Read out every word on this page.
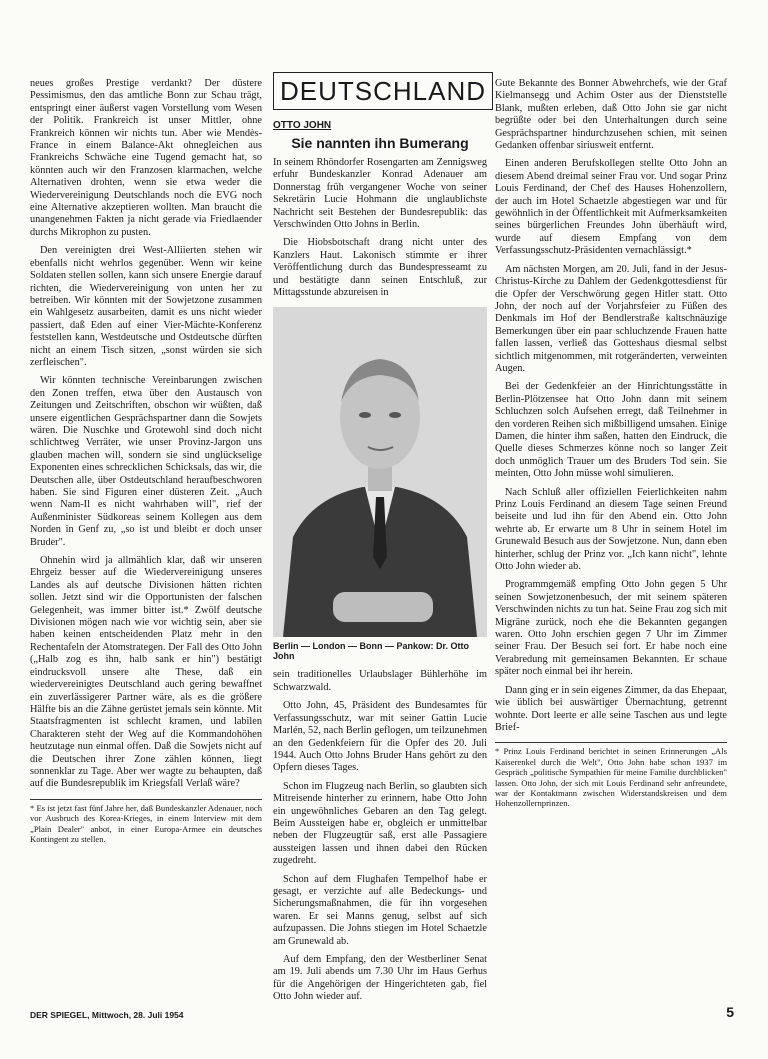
neues großes Prestige verdankt? Der düstere Pessimismus, den das amtliche Bonn zur Schau trägt, entspringt einer äußerst vagen Vorstellung vom Wesen der Politik. Frankreich ist unser Mittler, ohne Frankreich können wir nichts tun. Aber wie Mendès-France in einem Balance-Akt ohnegleichen aus Frankreichs Schwäche eine Tugend gemacht hat, so könnten auch wir den Franzosen klarmachen, welche Alternativen drohten, wenn sie etwa weder die Wiedervereinigung Deutschlands noch die EVG noch eine Alternative akzeptieren wollten. Man braucht die unangenehmen Fakten ja nicht gerade via Friedlaender durchs Mikrophon zu pusten.

Den vereinigten drei West-Alliierten stehen wir ebenfalls nicht wehrlos gegenüber. Wenn wir keine Soldaten stellen sollen, kann sich unsere Energie darauf richten, die Wiedervereinigung von unten her zu betreiben. Wir könnten mit der Sowjetzone zusammen ein Wahlgesetz ausarbeiten, damit es uns nicht wieder passiert, daß Eden auf einer Vier-Mächte-Konferenz feststellen kann, Westdeutsche und Ostdeutsche dürften nicht an einem Tisch sitzen, „sonst würden sie sich zerfleischen".

Wir könnten technische Vereinbarungen zwischen den Zonen treffen, etwa über den Austausch von Zeitungen und Zeitschriften, obschon wir wüßten, daß unsere eigentlichen Gesprächspartner dann die Sowjets wären. Die Nuschke und Grotewohl sind doch nicht schlichtweg Verräter, wie unser Provinz-Jargon uns glauben machen will, sondern sie sind unglückselige Exponenten eines schrecklichen Schicksals, das wir, die Deutschen alle, über Ostdeutschland heraufbeschworen haben. Sie sind Figuren einer düsteren Zeit. „Auch wenn Nam-Il es nicht wahrhaben will", rief der Außenminister Südkoreas seinem Kollegen aus dem Norden in Genf zu, „so ist und bleibt er doch unser Bruder".

Ohnehin wird ja allmählich klar, daß wir unseren Ehrgeiz besser auf die Wiedervereinigung unseres Landes als auf deutsche Divisionen hätten richten sollen. Jetzt sind wir die Opportunisten der falschen Gelegenheit, was immer bitter ist.* Zwölf deutsche Divisionen mögen nach wie vor wichtig sein, aber sie haben keinen entscheidenden Platz mehr in den Rechentafeln der Atomstrategen. Der Fall des Otto John („Halb zog es ihn, halb sank er hin") bestätigt eindrucksvoll unsere alte These, daß ein wiedervereinigtes Deutschland auch gering bewaffnet ein zuverlässigerer Partner wäre, als es die größere Hälfte bis an die Zähne gerüstet jemals sein könnte. Mit Staatsfragmenten ist schlecht kramen, und labilen Charakteren steht der Weg auf die Kommandohöhen heutzutage nun einmal offen. Daß die Sowjets nicht auf die Deutschen ihrer Zone zählen können, liegt sonnenklar zu Tage. Aber wer wagte zu behaupten, daß auf die Bundesrepublik im Kriegsfall Verlaß wäre?

* Es ist jetzt fast fünf Jahre her, daß Bundeskanzler Adenauer, noch vor Ausbruch des Korea-Krieges, in einem Interview mit dem „Plain Dealer" anbot, in einer Europa-Armee ein deutsches Kontingent zu stellen.

DEUTSCHLAND
OTTO JOHN
Sie nannten ihn Bumerang

In seinem Rhöndorfer Rosengarten am Zennigsweg erfuhr Bundeskanzler Konrad Adenauer am Donnerstag früh vergangener Woche von seiner Sekretärin Lucie Hohmann die unglaublichste Nachricht seit Bestehen der Bundesrepublik: das Verschwinden Otto Johns in Berlin.

Die Hiobsbotschaft drang nicht unter des Kanzlers Haut. Lakonisch stimmte er ihrer Veröffentlichung durch das Bundespresseamt zu und bestätigte dann seinen Entschluß, zur Mittagsstunde abzureisen in

Berlin — London — Bonn — Pankow: Dr. Otto John

sein traditionelles Urlaubslager Bühlerhöhe im Schwarzwald.

Otto John, 45, Präsident des Bundesamtes für Verfassungsschutz, war mit seiner Gattin Lucie Marlén, 52, nach Berlin geflogen, um teilzunehmen an den Gedenkfeiern für die Opfer des 20. Juli 1944. Auch Otto Johns Bruder Hans gehört zu den Opfern dieses Tages.

Schon im Flugzeug nach Berlin, so glaubten sich Mitreisende hinterher zu erinnern, habe Otto John ein ungewöhnliches Gebaren an den Tag gelegt. Beim Aussteigen habe er, obgleich er unmittelbar neben der Flugzeugtür saß, erst alle Passagiere aussteigen lassen und ihnen dabei den Rücken zugedreht.

Schon auf dem Flughafen Tempelhof habe er gesagt, er verzichte auf alle Bedeckungs- und Sicherungsmaßnahmen, die für ihn vorgesehen waren. Er sei Manns genug, selbst auf sich aufzupassen. Die Johns stiegen im Hotel Schaetzle am Grunewald ab.

Auf dem Empfang, den der Westberliner Senat am 19. Juli abends um 7.30 Uhr im Haus Gerhus für die Angehörigen der Hingerichteten gab, fiel Otto John wieder auf.

Gute Bekannte des Bonner Abwehrchefs, wie der Graf Kielmansegg und Achim Oster aus der Dienststelle Blank, mußten erleben, daß Otto John sie gar nicht begrüßte oder bei den Unterhaltungen durch seine Gesprächspartner hindurchzusehen schien, mit seinen Gedanken offenbar siriusweit entfernt.

Einen anderen Berufskollegen stellte Otto John an diesem Abend dreimal seiner Frau vor. Und sogar Prinz Louis Ferdinand, der Chef des Hauses Hohenzollern, der auch im Hotel Schaetzle abgestiegen war und für gewöhnlich in der Öffentlichkeit mit Aufmerksamkeiten seines bürgerlichen Freundes John überhäuft wird, wurde auf diesem Empfang von dem Verfassungsschutz-Präsidenten vernachlässigt.*

Am nächsten Morgen, am 20. Juli, fand in der Jesus-Christus-Kirche zu Dahlem der Gedenkgottesdienst für die Opfer der Verschwörung gegen Hitler statt. Otto John, der noch auf der Vorjahrsfeier zu Füßen des Denkmals im Hof der Bendlerstraße kaltschnäuzige Bemerkungen über ein paar schluchzende Frauen hatte fallen lassen, verließ das Gotteshaus diesmal selbst sichtlich mitgenommen, mit rotgeränderten, verweinten Augen.

Bei der Gedenkfeier an der Hinrichtungsstätte in Berlin-Plötzensee hat Otto John dann mit seinem Schluchzen solch Aufsehen erregt, daß Teilnehmer in den vorderen Reihen sich mißbilligend umsahen. Einige Damen, die hinter ihm saßen, hatten den Eindruck, die Quelle dieses Schmerzes könne noch so langer Zeit doch unmöglich Trauer um des Bruders Tod sein. Sie meinten, Otto John müsse wohl simulieren.

Nach Schluß aller offiziellen Feierlichkeiten nahm Prinz Louis Ferdinand an diesem Tage seinen Freund beiseite und lud ihn für den Abend ein. Otto John wehrte ab. Er erwarte um 8 Uhr in seinem Hotel im Grunewald Besuch aus der Sowjetzone. Nun, dann eben hinterher, schlug der Prinz vor. „Ich kann nicht", lehnte Otto John wieder ab.

Programmgemäß empfing Otto John gegen 5 Uhr seinen Sowjetzonenbesuch, der mit seinem späteren Verschwinden nichts zu tun hat. Seine Frau zog sich mit Migräne zurück, noch ehe die Bekannten gegangen waren. Otto John erschien gegen 7 Uhr im Zimmer seiner Frau. Der Besuch sei fort. Er habe noch eine Verabredung mit gemeinsamen Bekannten. Er schaue später noch einmal bei ihr herein.

Dann ging er in sein eigenes Zimmer, da das Ehepaar, wie üblich bei auswärtiger Übernachtung, getrennt wohnte. Dort leerte er alle seine Taschen aus und legte Brief-

* Prinz Louis Ferdinand berichtet in seinen Erinnerungen „Als Kaiserenkel durch die Welt", Otto John habe schon 1937 im Gespräch „politische Sympathien für meine Familie durchblicken" lassen. Otto John, der sich mit Louis Ferdinand sehr anfreundete, war der Kontaktmann zwischen Widerstandskreisen und dem Hohenzollernprinzen.

DER SPIEGEL, Mittwoch, 28. Juli 1954	5
